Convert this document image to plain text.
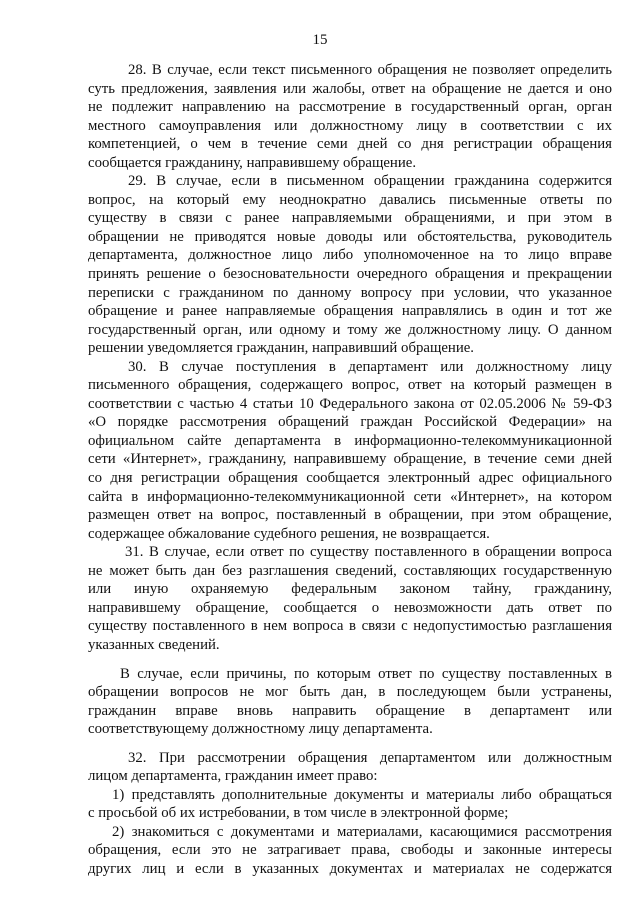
15

28. В случае, если текст письменного обращения не позволяет определить
суть предложения, заявления или жалобы, ответ на обращение не дается и оно
не подлежит направлению на рассмотрение в государственный орган, орган
местного самоуправления или должностному лицу в соответствии с их
компетенцией, о чем в течение семи дней со дня регистрации обращения
сообщается гражданину, направившему обращение.

29. В случае, если в письменном обращении гражданина содержится
вопрос, на который ему неоднократно давались письменные ответы по
существу в связи с ранее направляемыми обращениями, и при этом в
обращении не приводятся новые доводы или обстоятельства, руководитель
департамента, должностное лицо либо уполномоченное на то лицо вправе
принять решение о безосновательности очередного обращения и прекращении
переписки с гражданином по данному вопросу при условии, что указанное
обращение и ранее направляемые обращения направлялись в один и тот же
государственный орган, или одному и тому же должностному лицу. О данном
решении уведомляется гражданин, направивший обращение.

30. В случае поступления в департамент или должностному лицу
письменного обращения, содержащего вопрос, ответ на который размещен в
соответствии с частью 4 статьи 10 Федерального закона от 02.05.2006 № 59-ФЗ
«О порядке рассмотрения обращений граждан Российской Федерации» на
официальном сайте департамента в информационно-телекоммуникационной
сети «Интернет», гражданину, направившему обращение, в течение семи дней
со дня регистрации обращения сообщается электронный адрес официального
сайта в информационно-телекоммуникационной сети «Интернет», на котором
размещен ответ на вопрос, поставленный в обращении, при этом обращение,
содержащее обжалование судебного решения, не возвращается.

31. В случае, если ответ по существу поставленного в обращении вопроса
не может быть дан без разглашения сведений, составляющих государственную
или иную охраняемую федеральным законом тайну, гражданину,
направившему обращение, сообщается о невозможности дать ответ по
существу поставленного в нем вопроса в связи с недопустимостью разглашения
указанных сведений.

В случае, если причины, по которым ответ по существу поставленных в
обращении вопросов не мог быть дан, в последующем были устранены,
гражданин вправе вновь направить обращение в департамент или
соответствующему должностному лицу департамента.

32. При рассмотрении обращения департаментом или должностным
лицом департамента, гражданин имеет право:

1) представлять дополнительные документы и материалы либо обращаться
с просьбой об их истребовании, в том числе в электронной форме;

2) знакомиться с документами и материалами, касающимися рассмотрения
обращения, если это не затрагивает права, свободы и законные интересы
других лиц и если в указанных документах и материалах не содержатся
